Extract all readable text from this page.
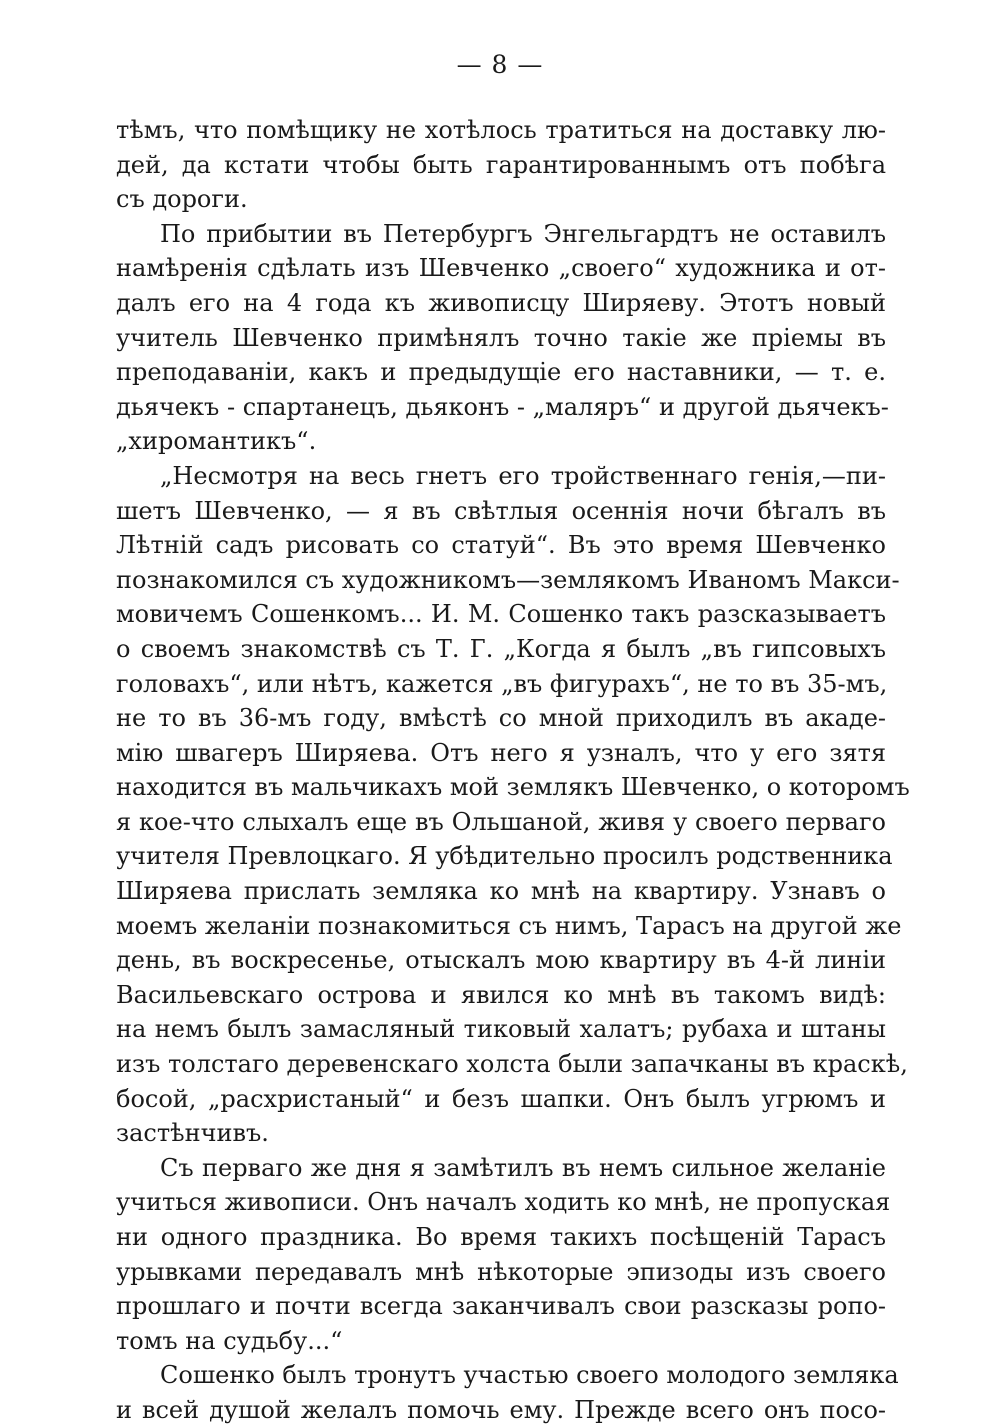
— 8 —
тѣмъ, что помѣщику не хотѣлось тратиться на доставку лю-
дей, да кстати чтобы быть гарантированнымъ отъ побѣга
съ дороги.
По прибытии въ Петербургъ Энгельгардтъ не оставилъ
намѣренія сдѣлать изъ Шевченко „своего“ художника и от-
далъ его на 4 года къ живописцу Ширяеву. Этотъ новый
учитель Шевченко примѣнялъ точно такіе же пріемы въ
преподаваніи, какъ и предыдущіе его наставники, — т. е.
дьячекъ - спартанецъ, дьяконъ - „маляръ“ и другой дьячекъ-
„хиромантикъ“.
„Несмотря на весь гнетъ его тройственнаго генія,—пи-
шетъ Шевченко, — я въ свѣтлыя осеннія ночи бѣгалъ въ
Лѣтній садъ рисовать со статуй“. Въ это время Шевченко
познакомился съ художникомъ—землякомъ Иваномъ Макси-
мовичемъ Сошенкомъ... И. М. Сошенко такъ разсказываетъ
о своемъ знакомствѣ съ Т. Г. „Когда я былъ „въ гипсовыхъ
головахъ“, или нѣтъ, кажется „въ фигурахъ“, не то въ 35-мъ,
не то въ 36-мъ году, вмѣстѣ со мной приходилъ въ акаде-
мію швагеръ Ширяева. Отъ него я узналъ, что у его зятя
находится въ мальчикахъ мой землякъ Шевченко, о которомъ
я кое-что слыхалъ еще въ Ольшаной, живя у своего перваго
учителя Превлоцкаго. Я убѣдительно просилъ родственника
Ширяева прислать земляка ко мнѣ на квартиру. Узнавъ о
моемъ желаніи познакомиться съ нимъ, Тарасъ на другой же
день, въ воскресенье, отыскалъ мою квартиру въ 4-й линіи
Васильевскаго острова и явился ко мнѣ въ такомъ видѣ:
на немъ былъ замасляный тиковый халатъ; рубаха и штаны
изъ толстаго деревенскаго холста были запачканы въ краскѣ,
босой, „расхристаный“ и безъ шапки. Онъ былъ угрюмъ и
застѣнчивъ.
Съ перваго же дня я замѣтилъ въ немъ сильное желаніе
учиться живописи. Онъ началъ ходить ко мнѣ, не пропуская
ни одного праздника. Во время такихъ посѣщеній Тарасъ
урывками передавалъ мнѣ нѣкоторые эпизоды изъ своего
прошлаго и почти всегда заканчивалъ свои разсказы ропо-
томъ на судьбу...“
Сошенко былъ тронутъ участью своего молодого земляка
и всей душой желалъ помочь ему. Прежде всего онъ посо-
